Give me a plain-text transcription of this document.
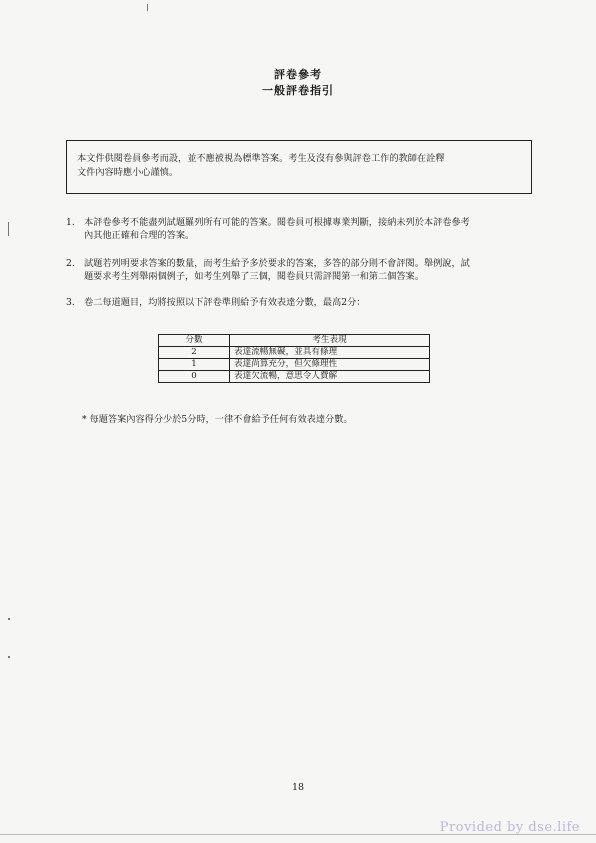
評卷參考
一般評卷指引
本文件供閱卷員參考而設，並不應被視為標準答案。考生及沒有參與評卷工作的教師在詮釋
文件內容時應小心謹慎。
1.	本評卷參考不能盡列試題羅列所有可能的答案。閱卷員可根據專業判斷，接納未列於本評卷參考
內其他正確和合理的答案。
2.	試題若列明要求答案的數量，而考生給予多於要求的答案，多答的部分則不會評閱。舉例說，試
題要求考生列舉兩個例子，如考生列舉了三個，閱卷員只需評閱第一和第二個答案。
3.	卷二每道題目，均將按照以下評卷準則給予有效表達分數，最高2分：
分數	考生表現
2	表達流暢無礙，並具有條理
1	表達尚算充分，但欠條理性
0	表達欠流暢，意思令人費解
* 每題答案內容得分少於5分時，一律不會給予任何有效表達分數。
18
Provided by dse.life
